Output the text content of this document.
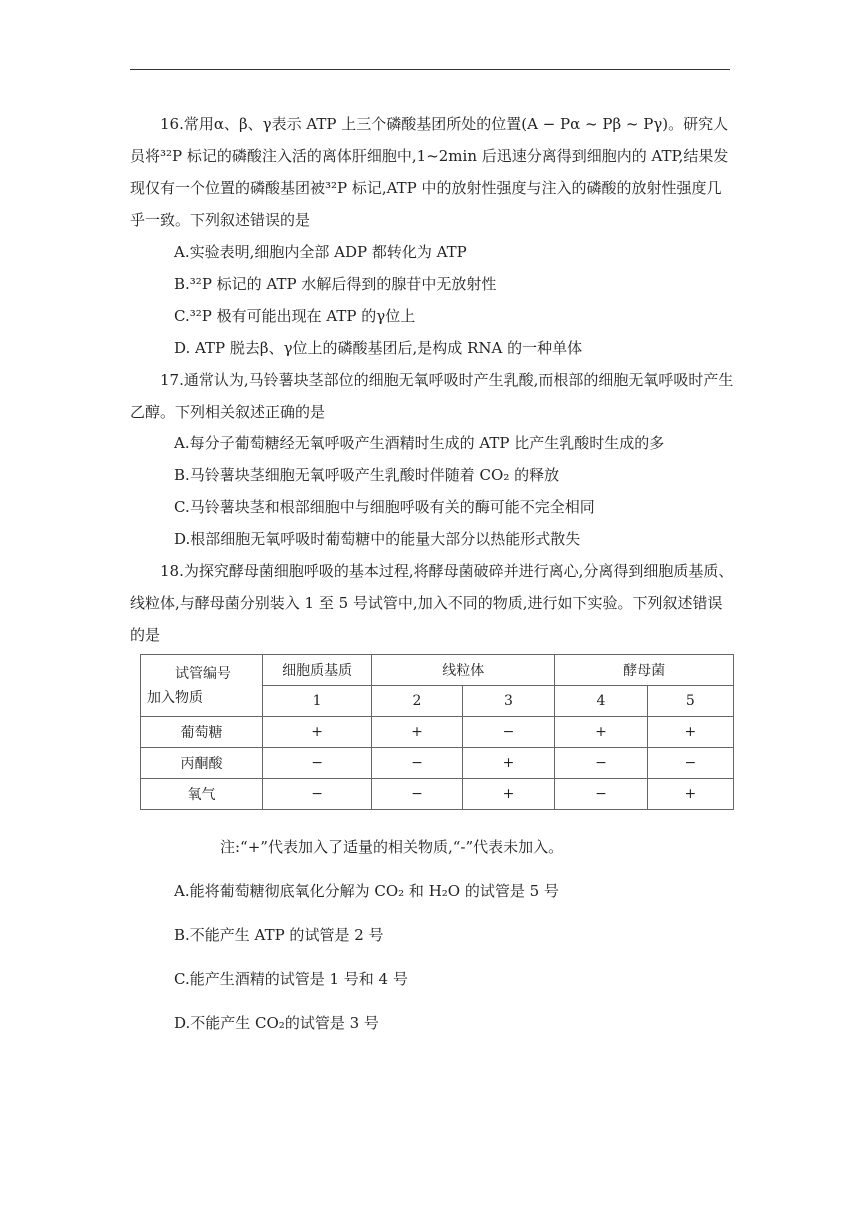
16.常用α、β、γ表示 ATP 上三个磷酸基团所处的位置(A − Pα ~ Pβ ~ Pγ)。研究人员将³²P 标记的磷酸注入活的离体肝细胞中,1~2min 后迅速分离得到细胞内的 ATP,结果发现仅有一个位置的磷酸基团被³²P 标记,ATP 中的放射性强度与注入的磷酸的放射性强度几乎一致。下列叙述错误的是

A.实验表明,细胞内全部 ADP 都转化为 ATP

B.³²P 标记的 ATP 水解后得到的腺苷中无放射性

C.³²P 极有可能出现在 ATP 的γ位上

D. ATP 脱去β、γ位上的磷酸基团后,是构成 RNA 的一种单体

17.通常认为,马铃薯块茎部位的细胞无氧呼吸时产生乳酸,而根部的细胞无氧呼吸时产生乙醇。下列相关叙述正确的是

A.每分子葡萄糖经无氧呼吸产生酒精时生成的 ATP 比产生乳酸时生成的多

B.马铃薯块茎细胞无氧呼吸产生乳酸时伴随着 CO₂ 的释放

C.马铃薯块茎和根部细胞中与细胞呼吸有关的酶可能不完全相同

D.根部细胞无氧呼吸时葡萄糖中的能量大部分以热能形式散失

18.为探究酵母菌细胞呼吸的基本过程,将酵母菌破碎并进行离心,分离得到细胞质基质、线粒体,与酵母菌分别装入 1 至 5 号试管中,加入不同的物质,进行如下实验。下列叙述错误的是

试管编号
加入物质	细胞质基质	线粒体		酵母菌	
	1	2	3	4	5
葡萄糖	+	+	−	+	+
丙酮酸	−	−	+	−	−
氧气	−	−	+	−	+

注:“+”代表加入了适量的相关物质,“-”代表未加入。

A.能将葡萄糖彻底氧化分解为 CO₂ 和 H₂O 的试管是 5 号

B.不能产生 ATP 的试管是 2 号

C.能产生酒精的试管是 1 号和 4 号

D.不能产生 CO₂的试管是 3 号
